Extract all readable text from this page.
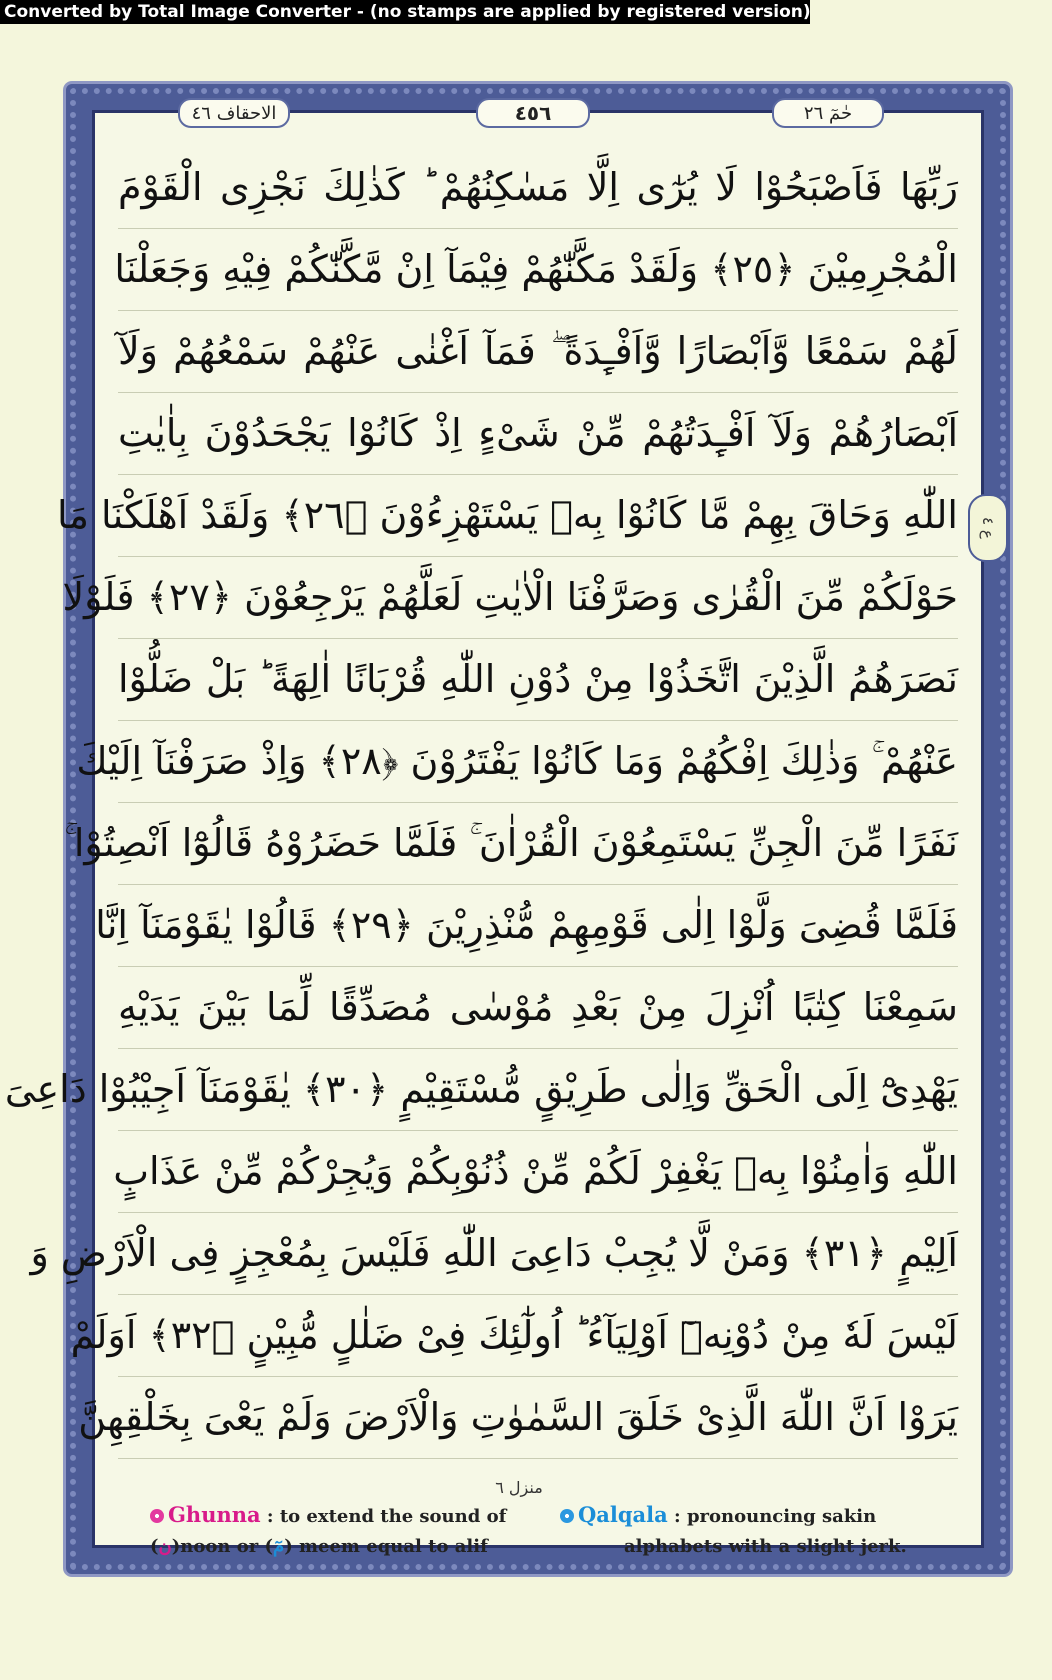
Converted by Total Image Converter - (no stamps are applied by registered version)
الاحقاف ٤٦	٤٥٦	حٰمٓ ٢٦
ع ٤
رَبِّهَا فَاَصْبَحُوْا لَا يُرٰٓى اِلَّا مَسٰكِنُهُمْ ؕ كَذٰلِكَ نَجْزِى الْقَوْمَ
الْمُجْرِمِيْنَ ﴿٢٥﴾ وَلَقَدْ مَكَّنّٰهُمْ فِيْمَآ اِنْ مَّكَّنّٰكُمْ فِيْهِ وَجَعَلْنَا
لَهُمْ سَمْعًا وَّاَبْصَارًا وَّاَفْـِٕدَةً ۖ فَمَآ اَغْنٰى عَنْهُمْ سَمْعُهُمْ وَلَآ
اَبْصَارُهُمْ وَلَآ اَفْـِٕدَتُهُمْ مِّنْ شَىْءٍ اِذْ كَانُوْا يَجْحَدُوْنَ بِاٰيٰتِ
اللّٰهِ وَحَاقَ بِهِمْ مَّا كَانُوْا بِهٖ يَسْتَهْزِءُوْنَ ﴿٢٦﴾ وَلَقَدْ اَهْلَكْنَا مَا
حَوْلَكُمْ مِّنَ الْقُرٰى وَصَرَّفْنَا الْاٰيٰتِ لَعَلَّهُمْ يَرْجِعُوْنَ ﴿٢٧﴾ فَلَوْلَا
نَصَرَهُمُ الَّذِيْنَ اتَّخَذُوْا مِنْ دُوْنِ اللّٰهِ قُرْبَانًا اٰلِهَةً ؕ بَلْ ضَلُّوْا
عَنْهُمْ ۚ وَذٰلِكَ اِفْكُهُمْ وَمَا كَانُوْا يَفْتَرُوْنَ ﴿٢٨﴾ وَاِذْ صَرَفْنَآ اِلَيْكَ
نَفَرًا مِّنَ الْجِنِّ يَسْتَمِعُوْنَ الْقُرْاٰنَ ۚ فَلَمَّا حَضَرُوْهُ قَالُوْٓا اَنْصِتُوْا ۚ
فَلَمَّا قُضِىَ وَلَّوْا اِلٰى قَوْمِهِمْ مُّنْذِرِيْنَ ﴿٢٩﴾ قَالُوْا يٰقَوْمَنَآ اِنَّا
سَمِعْنَا كِتٰبًا اُنْزِلَ مِنْ بَعْدِ مُوْسٰى مُصَدِّقًا لِّمَا بَيْنَ يَدَيْهِ
يَهْدِىْٓ اِلَى الْحَقِّ وَاِلٰى طَرِيْقٍ مُّسْتَقِيْمٍ ﴿٣٠﴾ يٰقَوْمَنَآ اَجِيْبُوْا دَاعِىَ
اللّٰهِ وَاٰمِنُوْا بِهٖ يَغْفِرْ لَكُمْ مِّنْ ذُنُوْبِكُمْ وَيُجِرْكُمْ مِّنْ عَذَابٍ
اَلِيْمٍ ﴿٣١﴾ وَمَنْ لَّا يُجِبْ دَاعِىَ اللّٰهِ فَلَيْسَ بِمُعْجِزٍ فِى الْاَرْضِ وَ
لَيْسَ لَهٗ مِنْ دُوْنِهٖٓ اَوْلِيَآءُ ؕ اُولٰٓئِكَ فِىْ ضَلٰلٍ مُّبِيْنٍ ﴿٣٢﴾ اَوَلَمْ
يَرَوْا اَنَّ اللّٰهَ الَّذِىْ خَلَقَ السَّمٰوٰتِ وَالْاَرْضَ وَلَمْ يَعْىَ بِخَلْقِهِنَّ
منزل ٦
Ghunna : to extend the sound of
(ن)noon or (مٓ) meem equal to alif
Qalqala : pronouncing sakin
alphabets with a slight jerk.
